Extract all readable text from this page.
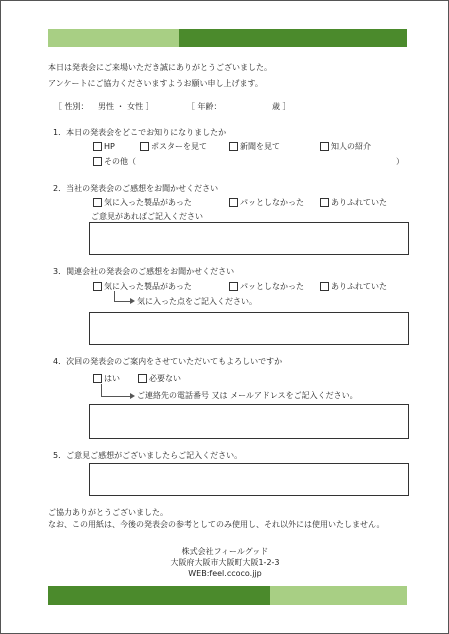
本日は発表会にご来場いただき誠にありがとうございました。
アンケートにご協力くださいますようお願い申し上げます。
［ 性別： 男性 ・ 女性 ］	［ 年齢：	歳 ］
1．本日の発表会をどこでお知りになりましたか
HP	ポスターを見て	新聞を見て	知人の紹介
その他（	）
2．当社の発表会のご感想をお聞かせください
気に入った製品があった	パッとしなかった	ありふれていた
ご意見があればご記入ください
3．関連会社の発表会のご感想をお聞かせください
気に入った製品があった	パッとしなかった	ありふれていた
気に入った点をご記入ください。
4．次回の発表会のご案内をさせていただいてもよろしいですか
はい	必要ない
ご連絡先の電話番号 又は メールアドレスをご記入ください。
5．ご意見ご感想がございましたらご記入ください。
ご協力ありがとうございました。
なお、この用紙は、今後の発表会の参考としてのみ使用し、それ以外には使用いたしません。
株式会社フィールグッド
大阪府大阪市大阪町大阪1-2-3
WEB:feel.ccoco.jjp
